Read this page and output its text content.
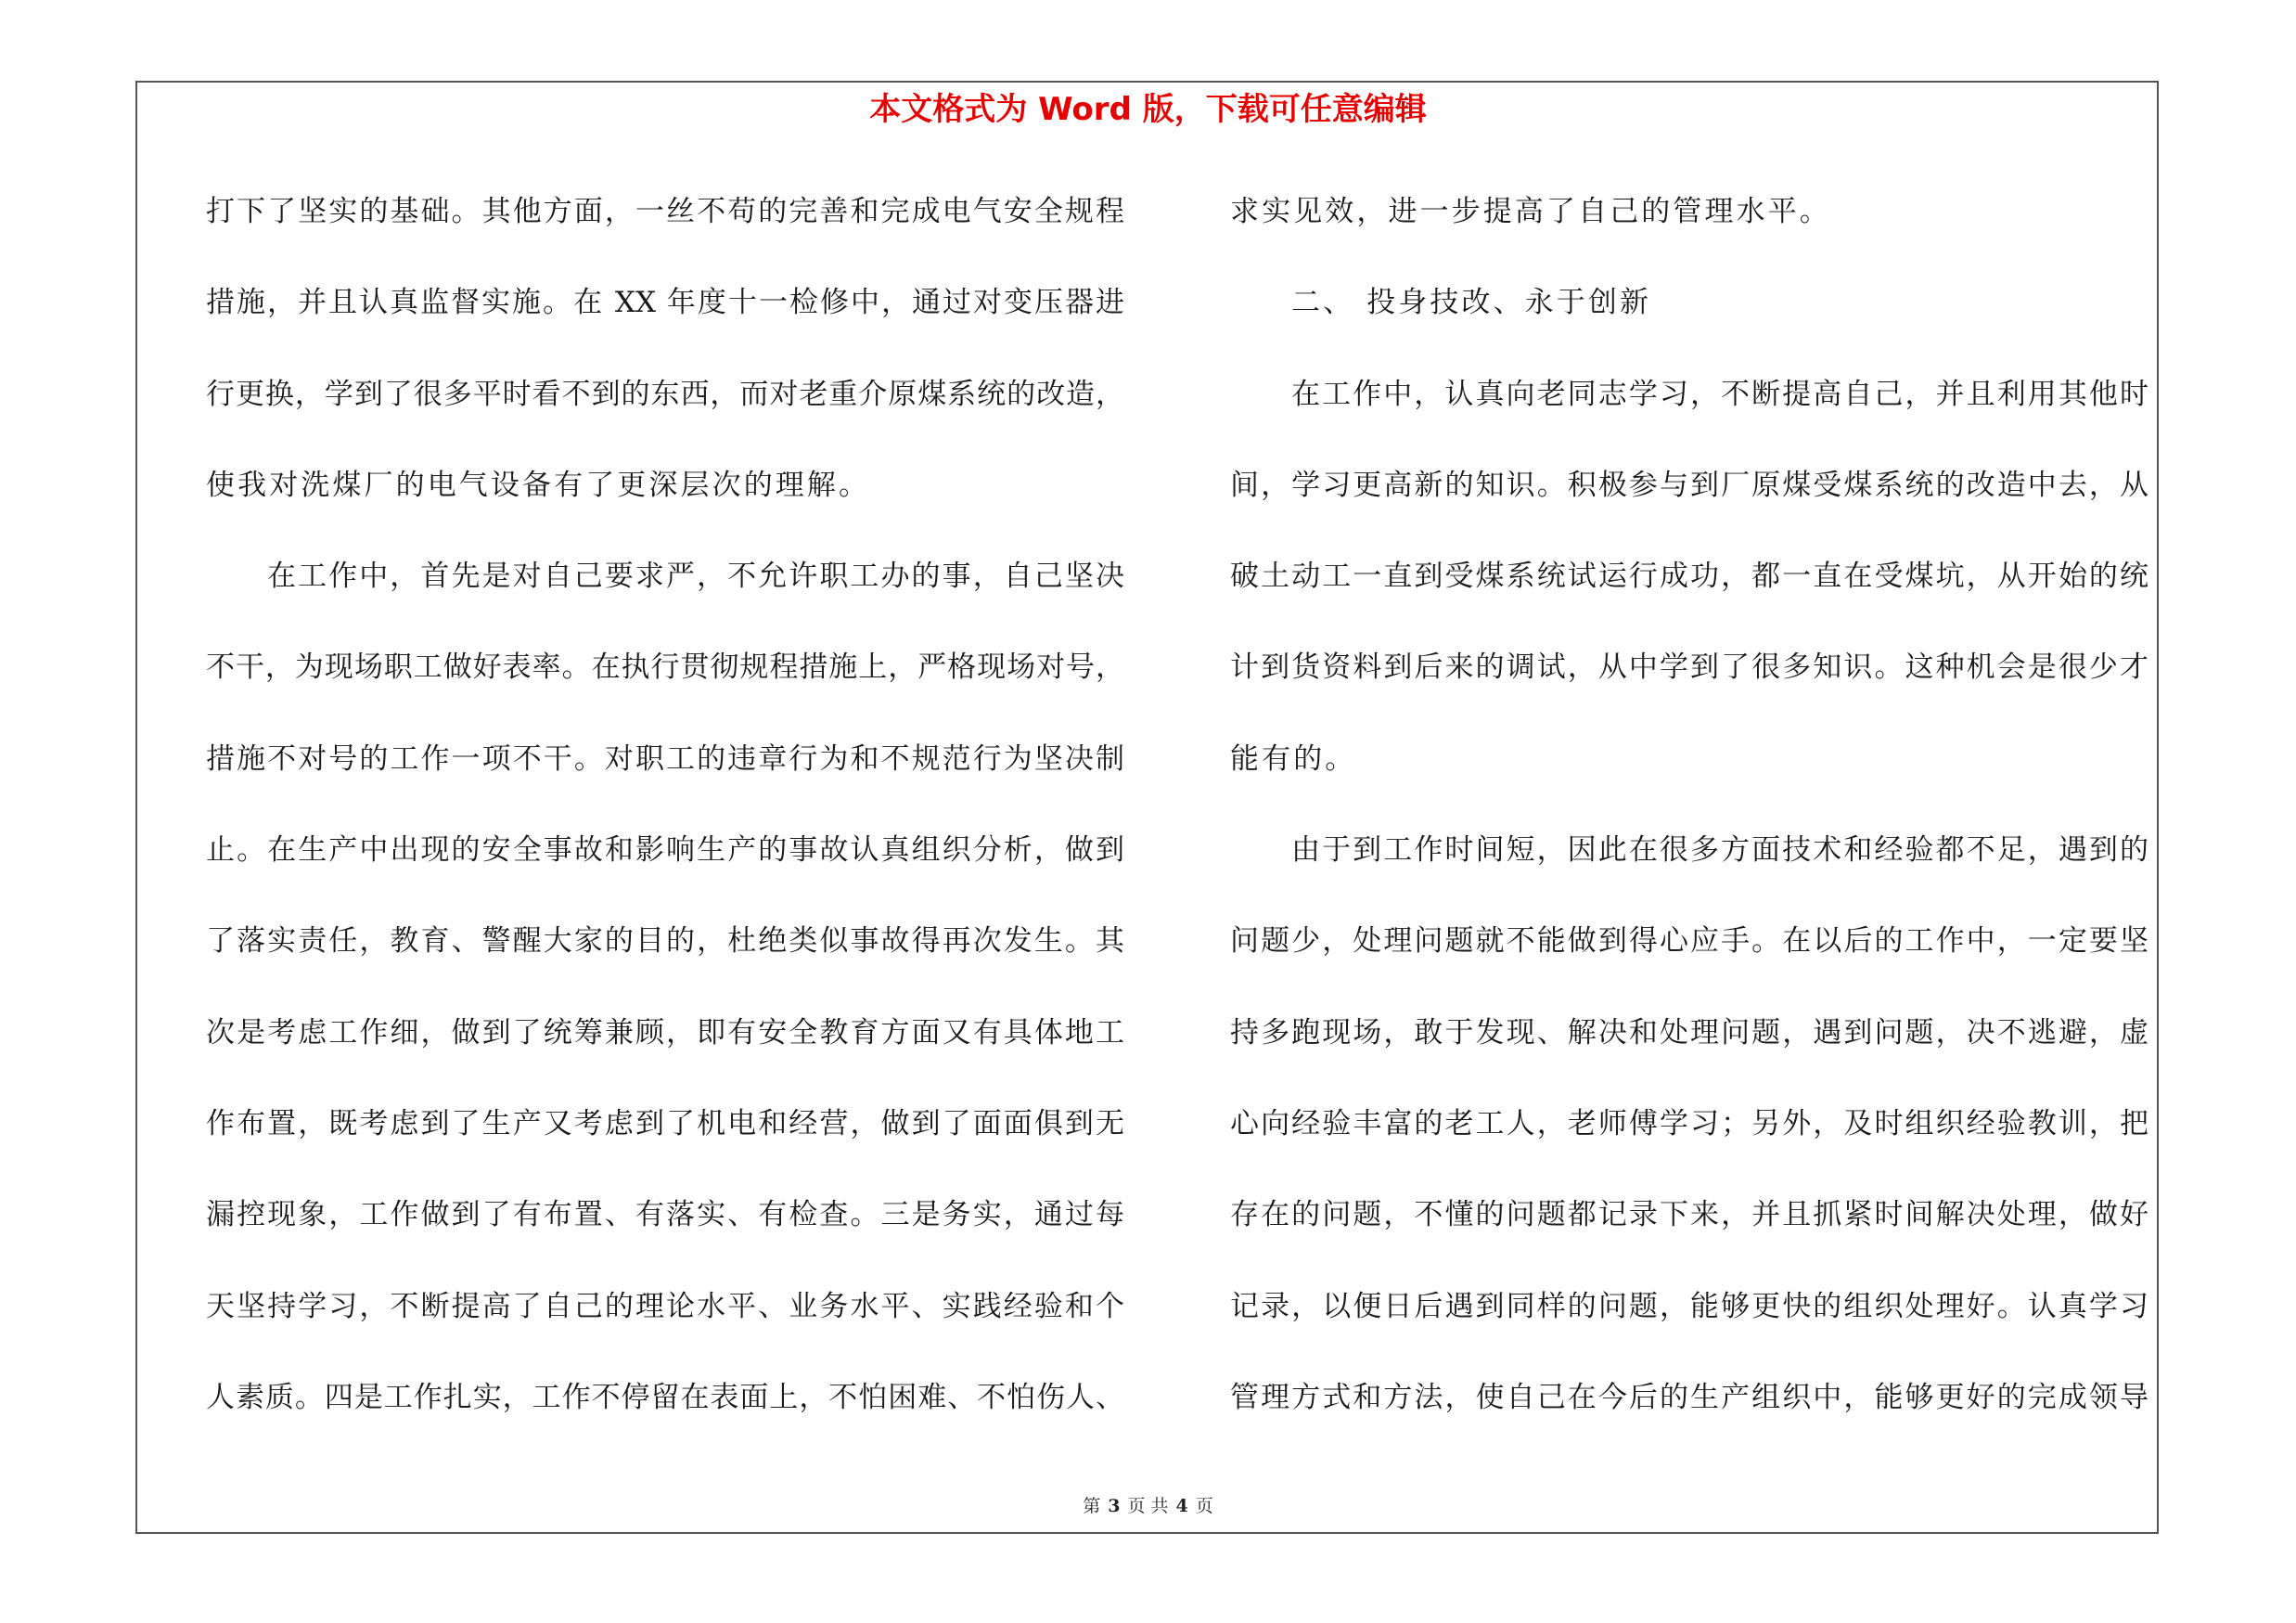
本文格式为 Word 版，下载可任意编辑
打下了坚实的基础。其他方面，一丝不苟的完善和完成电气安全规程
措施，并且认真监督实施。在 XX 年度十一检修中，通过对变压器进
行更换，学到了很多平时看不到的东西，而对老重介原煤系统的改造，
使我对洗煤厂的电气设备有了更深层次的理解。
在工作中，首先是对自己要求严，不允许职工办的事，自己坚决
不干，为现场职工做好表率。在执行贯彻规程措施上，严格现场对号，
措施不对号的工作一项不干。对职工的违章行为和不规范行为坚决制
止。在生产中出现的安全事故和影响生产的事故认真组织分析，做到
了落实责任，教育、警醒大家的目的，杜绝类似事故得再次发生。其
次是考虑工作细，做到了统筹兼顾，即有安全教育方面又有具体地工
作布置，既考虑到了生产又考虑到了机电和经营，做到了面面俱到无
漏控现象，工作做到了有布置、有落实、有检查。三是务实，通过每
天坚持学习，不断提高了自己的理论水平、业务水平、实践经验和个
人素质。四是工作扎实，工作不停留在表面上，不怕困难、不怕伤人、
求实见效，进一步提高了自己的管理水平。
二、 投身技改、永于创新
在工作中，认真向老同志学习，不断提高自己，并且利用其他时
间，学习更高新的知识。积极参与到厂原煤受煤系统的改造中去，从
破土动工一直到受煤系统试运行成功，都一直在受煤坑，从开始的统
计到货资料到后来的调试，从中学到了很多知识。这种机会是很少才
能有的。
由于到工作时间短，因此在很多方面技术和经验都不足，遇到的
问题少，处理问题就不能做到得心应手。在以后的工作中，一定要坚
持多跑现场，敢于发现、解决和处理问题，遇到问题，决不逃避，虚
心向经验丰富的老工人，老师傅学习；另外，及时组织经验教训，把
存在的问题，不懂的问题都记录下来，并且抓紧时间解决处理，做好
记录，以便日后遇到同样的问题，能够更快的组织处理好。认真学习
管理方式和方法，使自己在今后的生产组织中，能够更好的完成领导
第 3 页 共 4 页
